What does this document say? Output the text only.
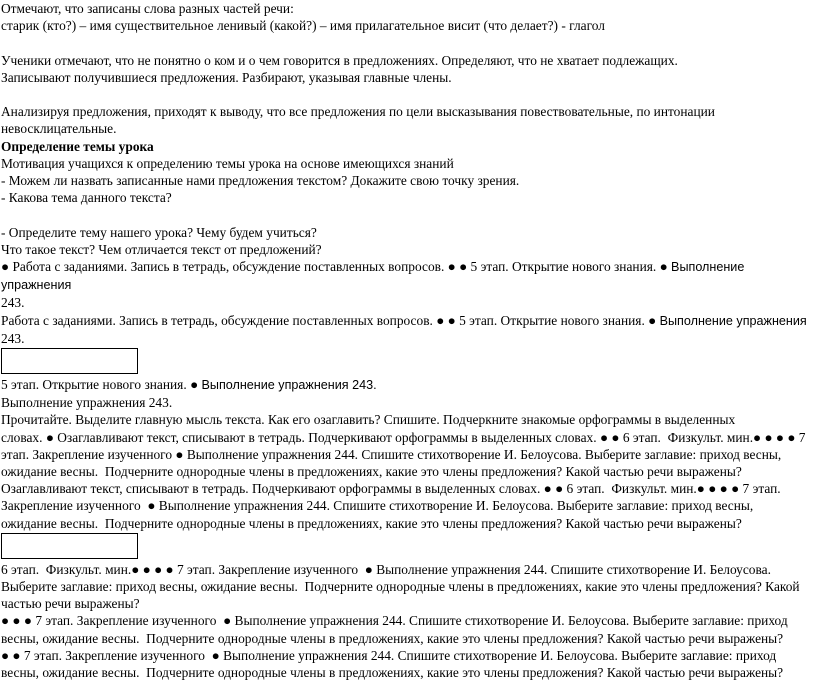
Отмечают, что записаны слова разных частей речи:

старик (кто?) – имя существительное ленивый (какой?) – имя прилагательное висит (что делает?) - глагол

Ученики отмечают, что не понятно о ком и о чем говорится в предложениях. Определяют, что не хватает подлежащих.

Записывают получившиеся предложения. Разбирают, указывая главные члены.

Анализируя предложения, приходят к выводу, что все предложения по цели высказывания повествовательные, по интонации

невосклицательные.

Определение темы урока

Мотивация учащихся к определению темы урока на основе имеющихся знаний

- Можем ли назвать записанные нами предложения текстом? Докажите свою точку зрения.

- Какова тема данного текста?

- Определите тему нашего урока? Чему будем учиться?

Что такое текст? Чем отличается текст от предложений?

● Работа с заданиями. Запись в тетрадь, обсуждение поставленных вопросов. ● ● 5 этап. Открытие нового знания. ● Выполнение упражнения
243.

Работа с заданиями. Запись в тетрадь, обсуждение поставленных вопросов. ● ● 5 этап. Открытие нового знания. ● Выполнение упражнения
243.

5 этап. Открытие нового знания. ● Выполнение упражнения 243.

Выполнение упражнения 243.

Прочитайте. Выделите главную мысль текста. Как его озаглавить? Спишите. Подчеркните знакомые орфограммы в выделенных
словах. ● Озаглавливают текст, списывают в тетрадь. Подчеркивают орфограммы в выделенных словах. ● ● 6 этап. Физкульт. мин.● ● ● ● 7
этап. Закрепление изученного ● Выполнение упражнения 244. Спишите стихотворение И. Белоусова. Выберите заглавие: приход весны,
ожидание весны. Подчерните однородные члены в предложениях, какие это члены предложения? Какой частью речи выражены?
Озаглавливают текст, списывают в тетрадь. Подчеркивают орфограммы в выделенных словах. ● ● 6 этап. Физкульт. мин.● ● ● ● 7 этап.
Закрепление изученного ● Выполнение упражнения 244. Спишите стихотворение И. Белоусова. Выберите заглавие: приход весны,
ожидание весны. Подчерните однородные члены в предложениях, какие это члены предложения? Какой частью речи выражены?

6 этап. Физкульт. мин.● ● ● ● 7 этап. Закрепление изученного ● Выполнение упражнения 244. Спишите стихотворение И. Белоусова.
Выберите заглавие: приход весны, ожидание весны. Подчерните однородные члены в предложениях, какие это члены предложения? Какой
частью речи выражены?
● ● ● 7 этап. Закрепление изученного ● Выполнение упражнения 244. Спишите стихотворение И. Белоусова. Выберите заглавие: приход
весны, ожидание весны. Подчерните однородные члены в предложениях, какие это члены предложения? Какой частью речи выражены?
● ● 7 этап. Закрепление изученного ● Выполнение упражнения 244. Спишите стихотворение И. Белоусова. Выберите заглавие: приход
весны, ожидание весны. Подчерните однородные члены в предложениях, какие это члены предложения? Какой частью речи выражены?
